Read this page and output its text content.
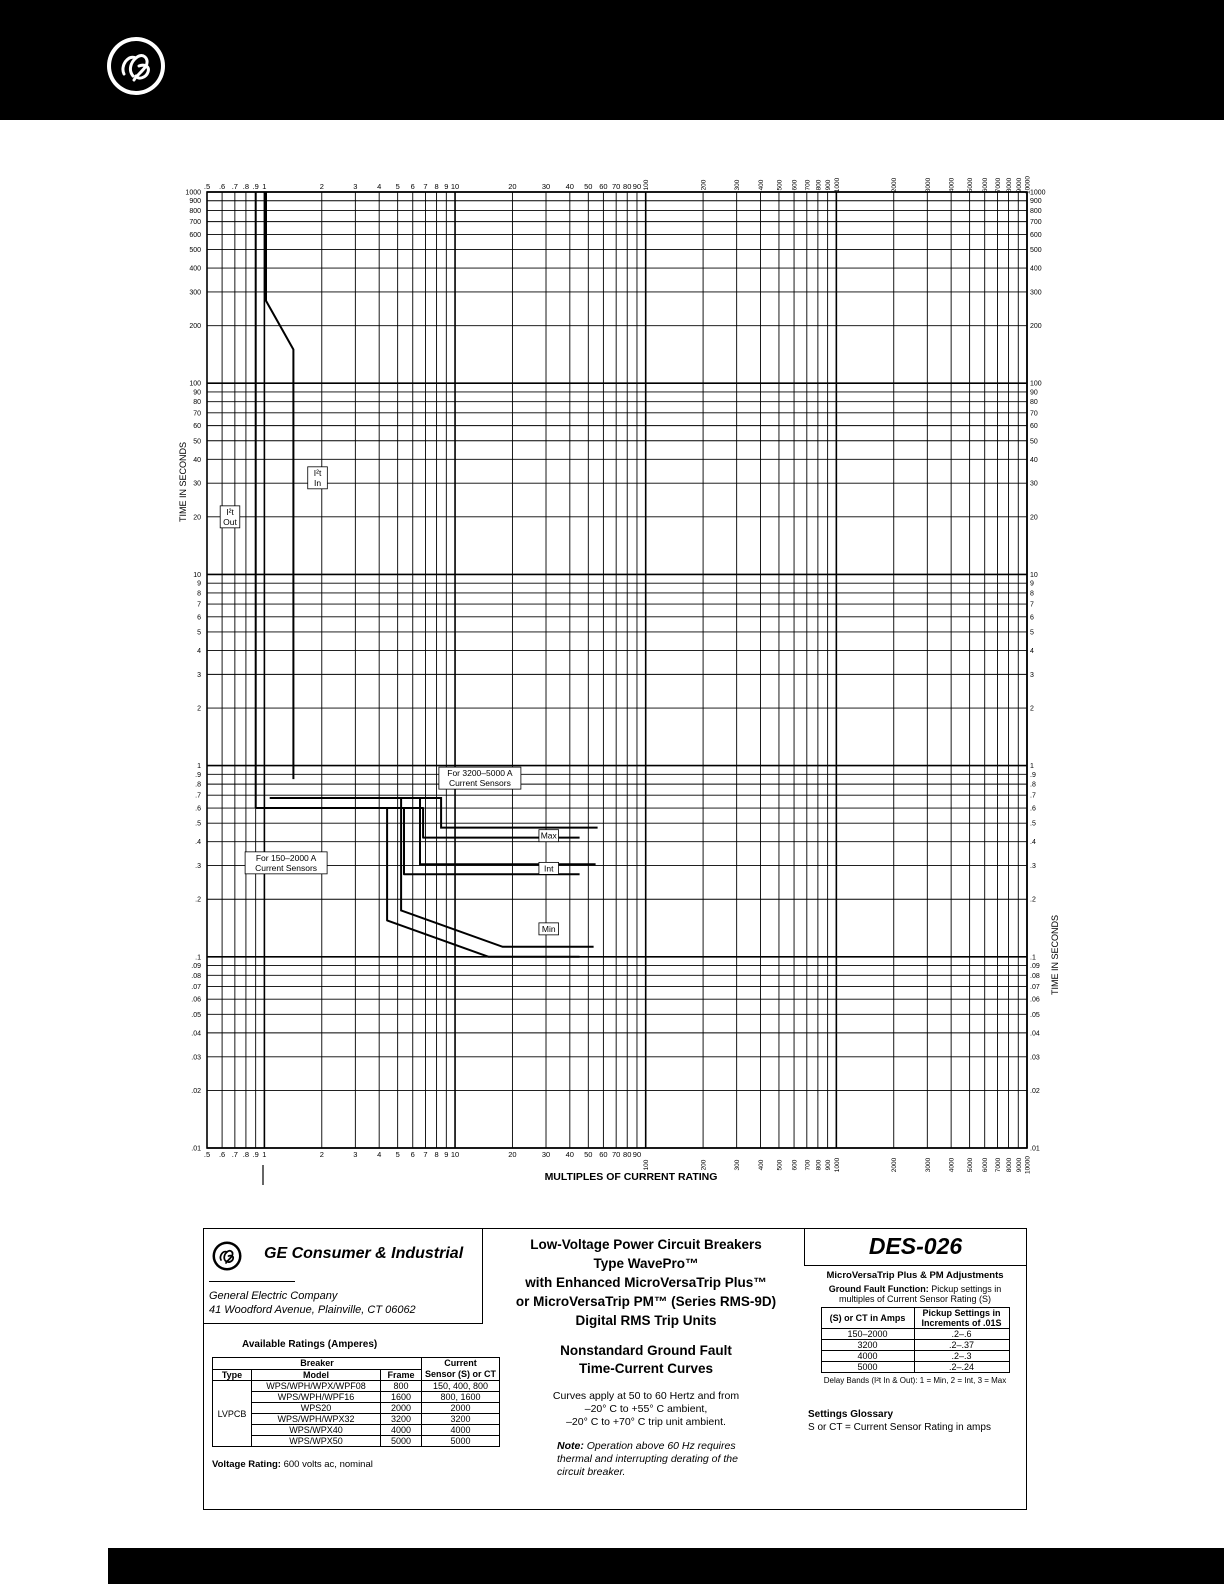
.5
.5
.6
.6
.7
.7
.8
.8
.9
.9
1
1
2
2
3
3
4
4
5
5
6
6
7
7
8
8
9
9
10
10
20
20
30
30
40
40
50
50
60
60
70
70
80
80
90
90
100
100
200
200
300
300
400
400
500
500
600
600
700
700
800
800
900
900
1000
1000
2000
2000
3000
3000
4000
4000
5000
5000
6000
6000
7000
7000
8000
8000
9000
9000
10000
10000
1000	1000
900	900
800	800
700	700
600	600
500	500
400	400
300	300
200	200
100	100
90	90
80	80
70	70
60	60
50	50
40	40
30	30
20	20
10	10
9	9
8	8
7	7
6	6
5	5
4	4
3	3
2	2
1	1
.9	.9
.8	.8
.7	.7
.6	.6
.5	.5
.4	.4
.3	.3
.2	.2
.1	.1
.09	.09
.08	.08
.07	.07
.06	.06
.05	.05
.04	.04
.03	.03
.02	.02
.01	.01
I²t
Out
I²t
In
For 3200–5000 A
Current Sensors
For 150–2000 A
Current Sensors
Max
Int
Min
MULTIPLES OF CURRENT RATING
TIME IN SECONDS
TIME IN SECONDS
GE Consumer & Industrial
General Electric Company
41 Woodford Avenue, Plainville, CT 06062
Available Ratings (Amperes)
Breaker			Current
Sensor (S) or CT

Type	Model	Frame	
LVPCB	WPS/WPH/WPX/WPF08	800	150, 400, 800
	WPS/WPH/WPF16	1600	800, 1600
	WPS20	2000	2000
	WPS/WPH/WPX32	3200	3200
	WPS/WPX40	4000	4000
	WPS/WPX50	5000	5000
Voltage Rating: 600 volts ac, nominal
Low-Voltage Power Circuit Breakers
Type WavePro™
with Enhanced MicroVersaTrip Plus™
or MicroVersaTrip PM™ (Series RMS-9D)
Digital RMS Trip Units
Nonstandard Ground Fault
Time-Current Curves
Curves apply at 50 to 60 Hertz and from
–20° C to +55° C ambient,
–20° C to +70° C trip unit ambient.
Note: Operation above 60 Hz requires
thermal and interrupting derating of the
circuit breaker.
DES-026
MicroVersaTrip Plus & PM Adjustments
Ground Fault Function: Pickup settings in
multiples of Current Sensor Rating (S)
(S) or CT in Amps	Pickup Settings in
Increments of .01S

150–2000	.2–.6
3200	.2–.37
4000	.2–.3
5000	.2–.24
Delay Bands (I²t In & Out): 1 = Min, 2 = Int, 3 = Max
Settings Glossary
S or CT = Current Sensor Rating in amps
